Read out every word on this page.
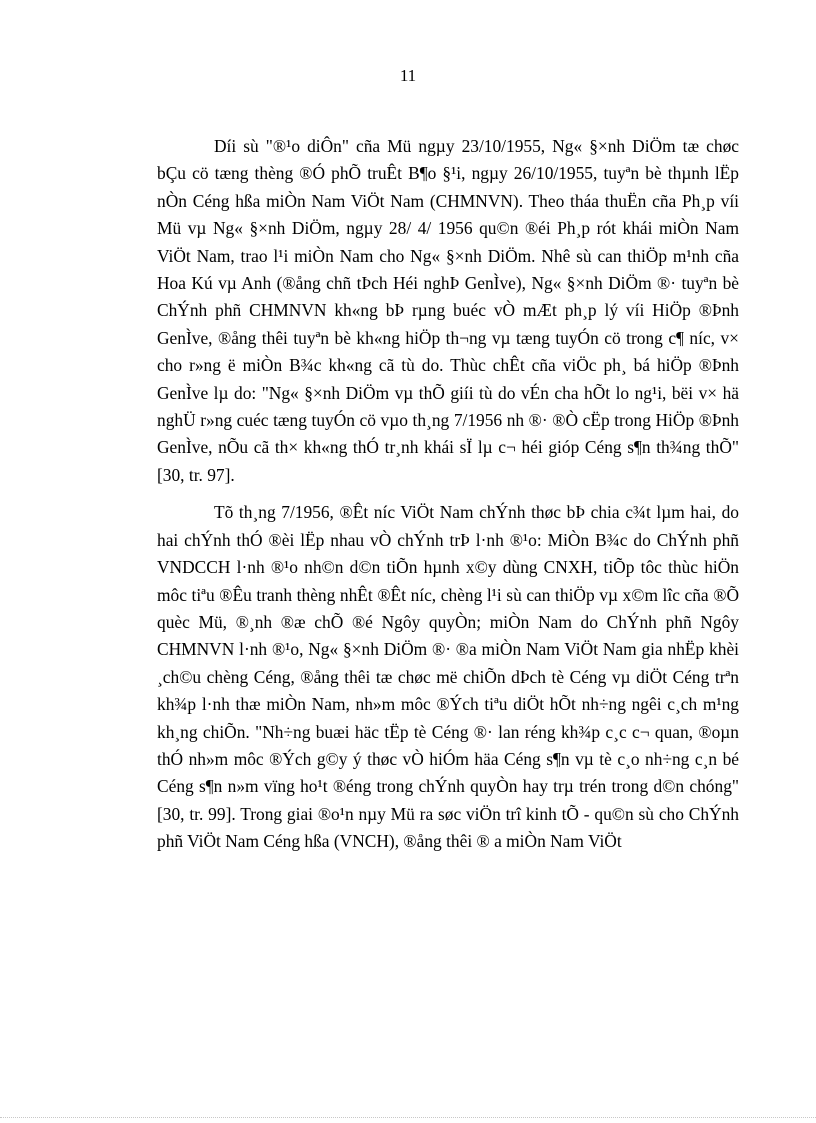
11

Díi sù "®¹o diÔn" cña Mü ngµy 23/10/1955, Ng« §×nh DiÖm tæ chøc bÇu cö tæng thèng ®Ó phÕ truÊt B¶o §¹i, ngµy 26/10/1955, tuyªn bè thµnh lËp nÒn Céng hßa miÒn Nam ViÖt Nam (CHMNVN). Theo tháa thuËn cña Ph¸p víi Mü vµ Ng« §×nh DiÖm, ngµy 28/ 4/ 1956 qu©n ®éi Ph¸p rót khái miÒn Nam ViÖt Nam, trao l¹i miÒn Nam cho Ng« §×nh DiÖm. Nhê sù can thiÖp m¹nh cña Hoa Kú vµ Anh (®ång chñ tÞch Héi nghÞ GenÌve), Ng« §×nh DiÖm ®· tuyªn bè ChÝnh phñ CHMNVN kh«ng bÞ rµng buéc vÒ mÆt ph¸p lý víi HiÖp ®Þnh GenÌve, ®ång thêi tuyªn bè kh«ng hiÖp th¬ng vµ tæng tuyÓn cö trong c¶ níc, v× cho r»ng ë miÒn B¾c kh«ng cã tù do. Thùc chÊt cña viÖc ph¸ bá hiÖp ®Þnh GenÌve lµ do: "Ng« §×nh DiÖm vµ thÕ giíi tù do vÉn cha hÕt lo ng¹i, bëi v× hä nghÜ r»ng cuéc tæng tuyÓn cö vµo th¸ng 7/1956 nh ®· ®Ò cËp trong HiÖp ®Þnh GenÌve, nÕu cã th× kh«ng thÓ tr¸nh khái sÏ lµ c¬ héi gióp Céng s¶n th¾ng thÕ" [30, tr. 97].

Tõ th¸ng 7/1956, ®Êt níc ViÖt Nam chÝnh thøc bÞ chia c¾t lµm hai, do hai chÝnh thÓ ®èi lËp nhau vÒ chÝnh trÞ l·nh ®¹o: MiÒn B¾c do ChÝnh phñ VNDCCH l·nh ®¹o nh©n d©n tiÕn hµnh x©y dùng CNXH, tiÕp tôc thùc hiÖn môc tiªu ®Êu tranh thèng nhÊt ®Êt níc, chèng l¹i sù can thiÖp vµ x©m lîc cña ®Õ quèc Mü, ®¸nh ®æ chÕ ®é Ngôy quyÒn; miÒn Nam do ChÝnh phñ Ngôy CHMNVN l·nh ®¹o, Ng« §×nh DiÖm ®· ®a miÒn Nam ViÖt Nam gia nhËp khèi ¸ch©u chèng Céng, ®ång thêi tæ chøc më chiÕn dÞch tè Céng vµ diÖt Céng trªn kh¾p l·nh thæ miÒn Nam, nh»m môc ®Ých tiªu diÖt hÕt nh÷ng ngêi c¸ch m¹ng kh¸ng chiÕn. "Nh÷ng buæi häc tËp tè Céng ®· lan réng kh¾p c¸c c¬ quan, ®oµn thÓ nh»m môc ®Ých g©y ý thøc vÒ hiÓm häa Céng s¶n vµ tè c¸o nh÷ng c¸n bé Céng s¶n n»m vïng ho¹t ®éng trong chÝnh quyÒn hay trµ trén trong d©n chóng" [30, tr. 99]. Trong giai ®o¹n nµy Mü ra søc viÖn trî kinh tÕ - qu©n sù cho ChÝnh phñ ViÖt Nam Céng hßa (VNCH), ®ång thêi ® a miÒn Nam ViÖt
